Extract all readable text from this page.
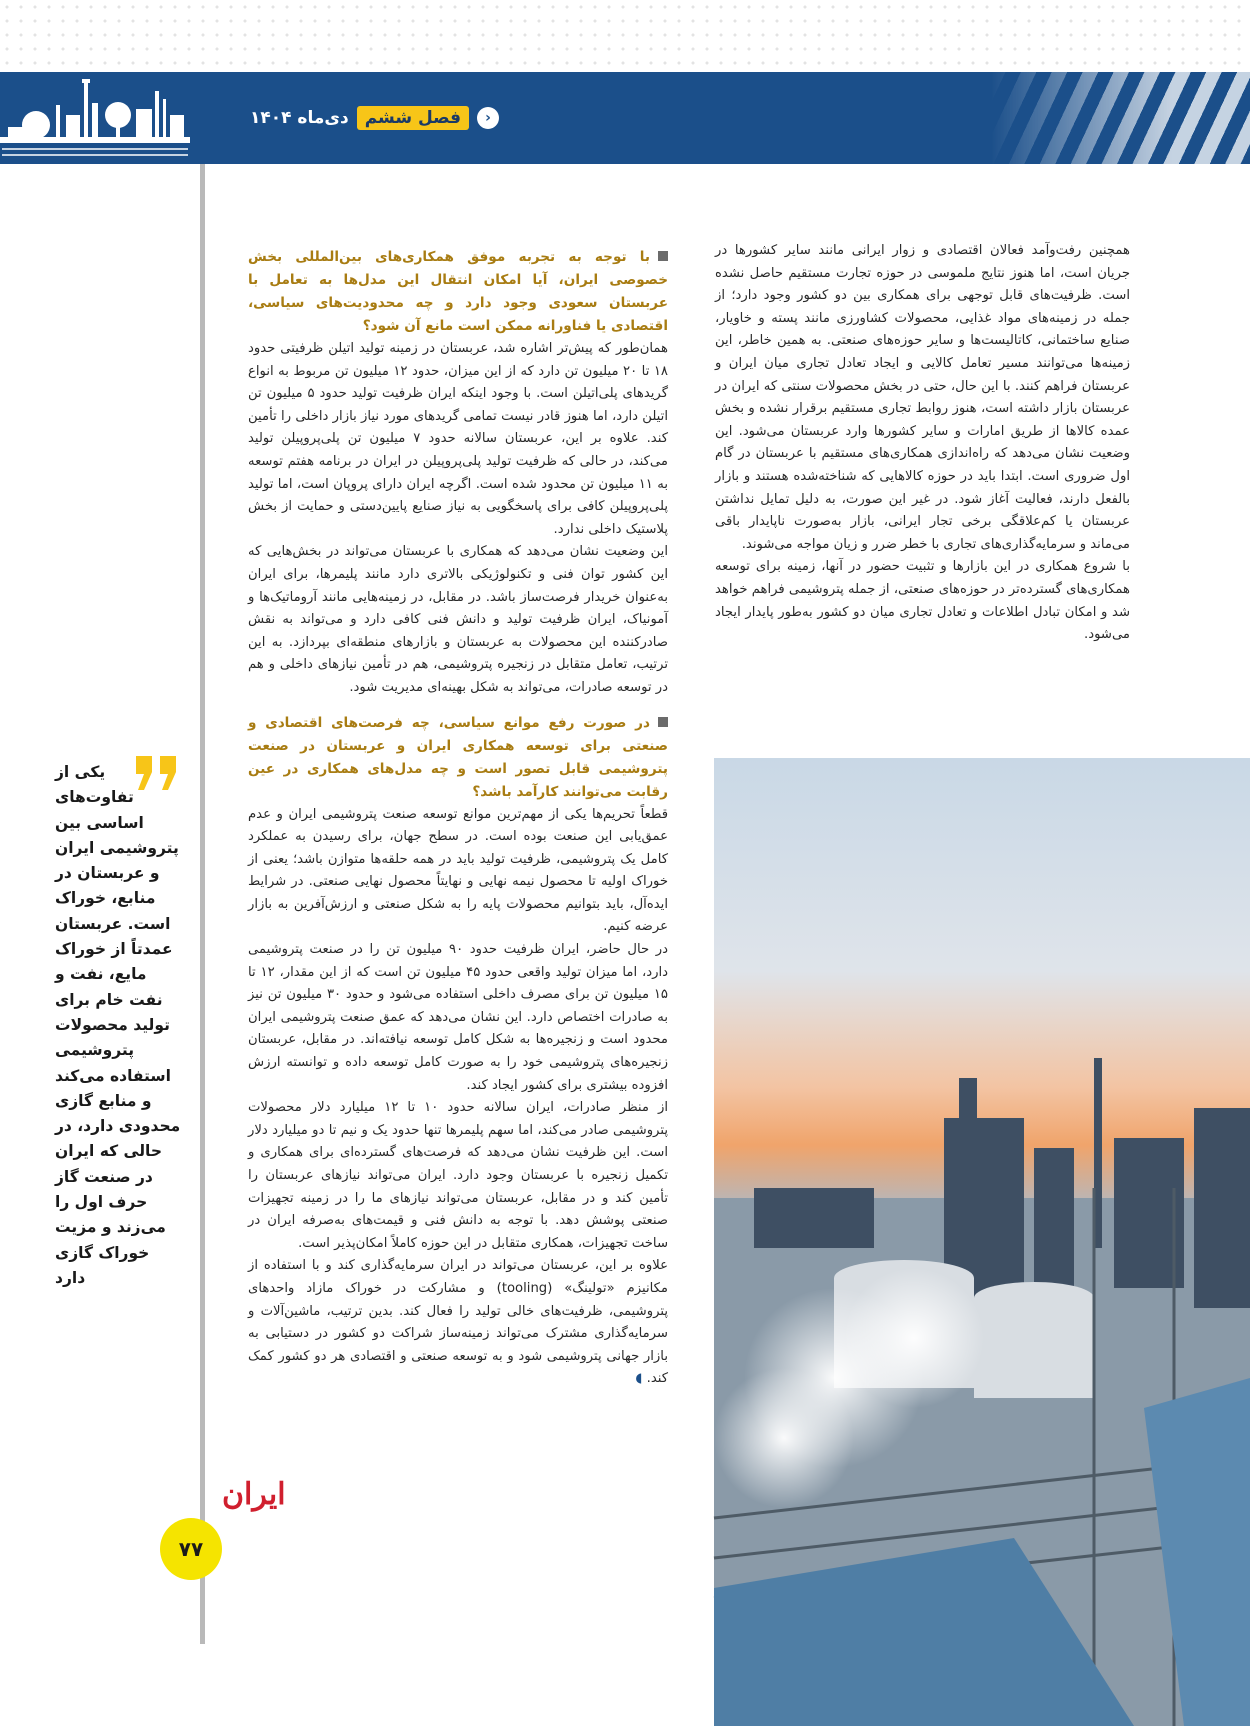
دی‌ماه ۱۴۰۴ فصل ششم	›

همچنین رفت‌وآمد فعالان اقتصادی و زوار ایرانی مانند سایر کشورها در جریان است، اما هنوز نتایج ملموسی در حوزه تجارت مستقیم حاصل نشده است. ظرفیت‌های قابل توجهی برای همکاری بین دو کشور وجود دارد؛ از جمله در زمینه‌های مواد غذایی، محصولات کشاورزی مانند پسته و خاویار، صنایع ساختمانی، کاتالیست‌ها و سایر حوزه‌های صنعتی. به همین خاطر، این زمینه‌ها می‌توانند مسیر تعامل کالایی و ایجاد تعادل تجاری میان ایران و عربستان فراهم کنند. با این حال، حتی در بخش محصولات سنتی که ایران در عربستان بازار داشته است، هنوز روابط تجاری مستقیم برقرار نشده و بخش عمده کالاها از طریق امارات و سایر کشورها وارد عربستان می‌شود. این وضعیت نشان می‌دهد که راه‌اندازی همکاری‌های مستقیم با عربستان در گام اول ضروری است. ابتدا باید در حوزه کالاهایی که شناخته‌شده هستند و بازار بالفعل دارند، فعالیت آغاز شود. در غیر این صورت، به دلیل تمایل نداشتن عربستان یا کم‌علاقگی برخی تجار ایرانی، بازار به‌صورت ناپایدار باقی می‌ماند و سرمایه‌گذاری‌های تجاری با خطر ضرر و زیان مواجه می‌شوند.

با شروع همکاری در این بازارها و تثبیت حضور در آنها، زمینه برای توسعه همکاری‌های گسترده‌تر در حوزه‌های صنعتی، از جمله پتروشیمی فراهم خواهد شد و امکان تبادل اطلاعات و تعادل تجاری میان دو کشور به‌طور پایدار ایجاد می‌شود.

با توجه به تجربه موفق همکاری‌های بین‌المللی بخش خصوصی ایران، آیا امکان انتقال این مدل‌ها به تعامل با عربستان سعودی وجود دارد و چه محدودیت‌های سیاسی، اقتصادی یا فناورانه ممکن است مانع آن شود؟

همان‌طور که پیش‌تر اشاره شد، عربستان در زمینه تولید اتیلن ظرفیتی حدود ۱۸ تا ۲۰ میلیون تن دارد که از این میزان، حدود ۱۲ میلیون تن مربوط به انواع گریدهای پلی‌اتیلن است. با وجود اینکه ایران ظرفیت تولید حدود ۵ میلیون تن اتیلن دارد، اما هنوز قادر نیست تمامی گریدهای مورد نیاز بازار داخلی را تأمین کند. علاوه بر این، عربستان سالانه حدود ۷ میلیون تن پلی‌پروپیلن تولید می‌کند، در حالی که ظرفیت تولید پلی‌پروپیلن در ایران در برنامه هفتم توسعه به ۱۱ میلیون تن محدود شده است. اگرچه ایران دارای پروپان است، اما تولید پلی‌پروپیلن کافی برای پاسخگویی به نیاز صنایع پایین‌دستی و حمایت از بخش پلاستیک داخلی ندارد.

این وضعیت نشان می‌دهد که همکاری با عربستان می‌تواند در بخش‌هایی که این کشور توان فنی و تکنولوژیکی بالاتری دارد مانند پلیمرها، برای ایران به‌عنوان خریدار فرصت‌ساز باشد. در مقابل، در زمینه‌هایی مانند آروماتیک‌ها و آمونیاک، ایران ظرفیت تولید و دانش فنی کافی دارد و می‌تواند به نقش صادرکننده این محصولات به عربستان و بازارهای منطقه‌ای بپردازد. به این ترتیب، تعامل متقابل در زنجیره پتروشیمی، هم در تأمین نیازهای داخلی و هم در توسعه صادرات، می‌تواند به شکل بهینه‌ای مدیریت شود.

در صورت رفع موانع سیاسی، چه فرصت‌های اقتصادی و صنعتی برای توسعه همکاری ایران و عربستان در صنعت پتروشیمی قابل تصور است و چه مدل‌های همکاری در عین رقابت می‌توانند کارآمد باشد؟

قطعاً تحریم‌ها یکی از مهم‌ترین موانع توسعه صنعت پتروشیمی ایران و عدم عمق‌یابی این صنعت بوده است. در سطح جهان، برای رسیدن به عملکرد کامل یک پتروشیمی، ظرفیت تولید باید در همه حلقه‌ها متوازن باشد؛ یعنی از خوراک اولیه تا محصول نیمه نهایی و نهایتاً محصول نهایی صنعتی. در شرایط ایده‌آل، باید بتوانیم محصولات پایه را به شکل صنعتی و ارزش‌آفرین به بازار عرضه کنیم.

در حال حاضر، ایران ظرفیت حدود ۹۰ میلیون تن را در صنعت پتروشیمی دارد، اما میزان تولید واقعی حدود ۴۵ میلیون تن است که از این مقدار، ۱۲ تا ۱۵ میلیون تن برای مصرف داخلی استفاده می‌شود و حدود ۳۰ میلیون تن نیز به صادرات اختصاص دارد. این نشان می‌دهد که عمق صنعت پتروشیمی ایران محدود است و زنجیره‌ها به شکل کامل توسعه نیافته‌اند. در مقابل، عربستان زنجیره‌های پتروشیمی خود را به صورت کامل توسعه داده و توانسته ارزش افزوده بیشتری برای کشور ایجاد کند.

از منظر صادرات، ایران سالانه حدود ۱۰ تا ۱۲ میلیارد دلار محصولات پتروشیمی صادر می‌کند، اما سهم پلیمرها تنها حدود یک و نیم تا دو میلیارد دلار است. این ظرفیت نشان می‌دهد که فرصت‌های گسترده‌ای برای همکاری و تکمیل زنجیره با عربستان وجود دارد. ایران می‌تواند نیازهای عربستان را تأمین کند و در مقابل، عربستان می‌تواند نیازهای ما را در زمینه تجهیزات صنعتی پوشش دهد. با توجه به دانش فنی و قیمت‌های به‌صرفه ایران در ساخت تجهیزات، همکاری متقابل در این حوزه کاملاً امکان‌پذیر است.

علاوه بر این، عربستان می‌تواند در ایران سرمایه‌گذاری کند و با استفاده از مکانیزم «تولینگ» (tooling) و مشارکت در خوراک مازاد واحدهای پتروشیمی، ظرفیت‌های خالی تولید را فعال کند. بدین ترتیب، ماشین‌آلات و سرمایه‌گذاری مشترک می‌تواند زمینه‌ساز شراکت دو کشور در دستیابی به بازار جهانی پتروشیمی شود و به توسعه صنعتی و اقتصادی هر دو کشور کمک کند. ◖

یکی از تفاوت‌های اساسی بین پتروشیمی ایران و عربستان در منابع، خوراک است. عربستان عمدتاً از خوراک مایع، نفت و نفت خام برای تولید محصولات پتروشیمی استفاده می‌کند و منابع گازی محدودی دارد، در حالی که ایران در صنعت گاز حرف اول را می‌زند و مزیت خوراک گازی دارد
ایران
۷۷
